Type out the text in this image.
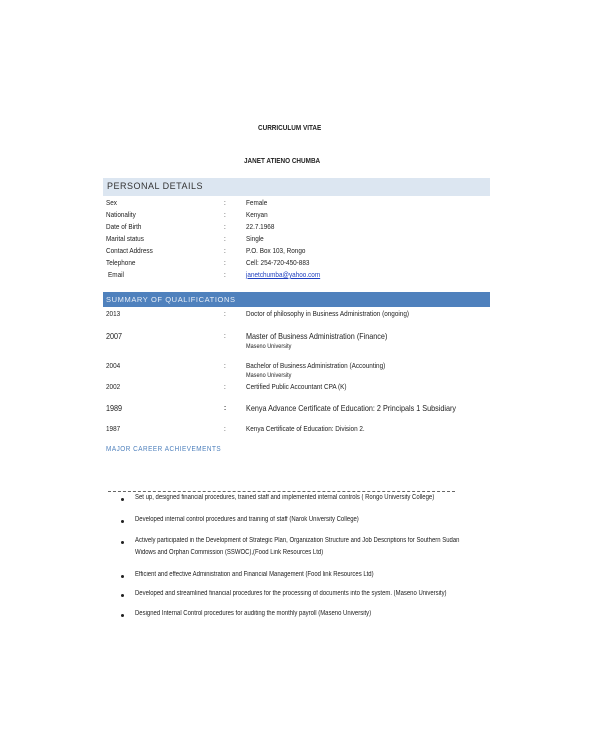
CURRICULUM VITAE
JANET ATIENO CHUMBA
PERSONAL DETAILS
SUMMARY OF QUALIFICATIONS
MAJOR CAREER ACHIEVEMENTS
Sex	:	Female
Nationality	:	Kenyan
Date of Birth	:	22.7.1968
Marital status	:	Single
Contact Address	:	P.O. Box 103, Rongo
Telephone	:	Cell: 254-720-450-883
Email	:	janetchumba@yahoo.com
2013	:	Doctor of philosophy in Business Administration (ongoing)
2007	: Master of Business Administration (Finance)
Maseno University
2004	:	Bachelor of Business Administration (Accounting)
Maseno University
2002	:	Certified Public Accountant CPA (K)
1989	: Kenya Advance Certificate of Education: 2 Principals 1 Subsidiary
1987	:	Kenya Certificate of Education: Division 2.
Set up, designed financial procedures, trained staff and implemented internal controls ( Rongo University College)
Developed internal control procedures and training of staff (Narok University College)
Actively participated in the Development of Strategic Plan, Organization Structure and Job Descriptions for Southern Sudan
Widows and Orphan Commission (SSWOC),(Food Link Resources Ltd)
Efficient and effective Administration and Financial Management (Food link Resources Ltd)
Developed and streamlined financial procedures for the processing of documents into the system. (Maseno University)
Designed Internal Control procedures for auditing the monthly payroll (Maseno University)
